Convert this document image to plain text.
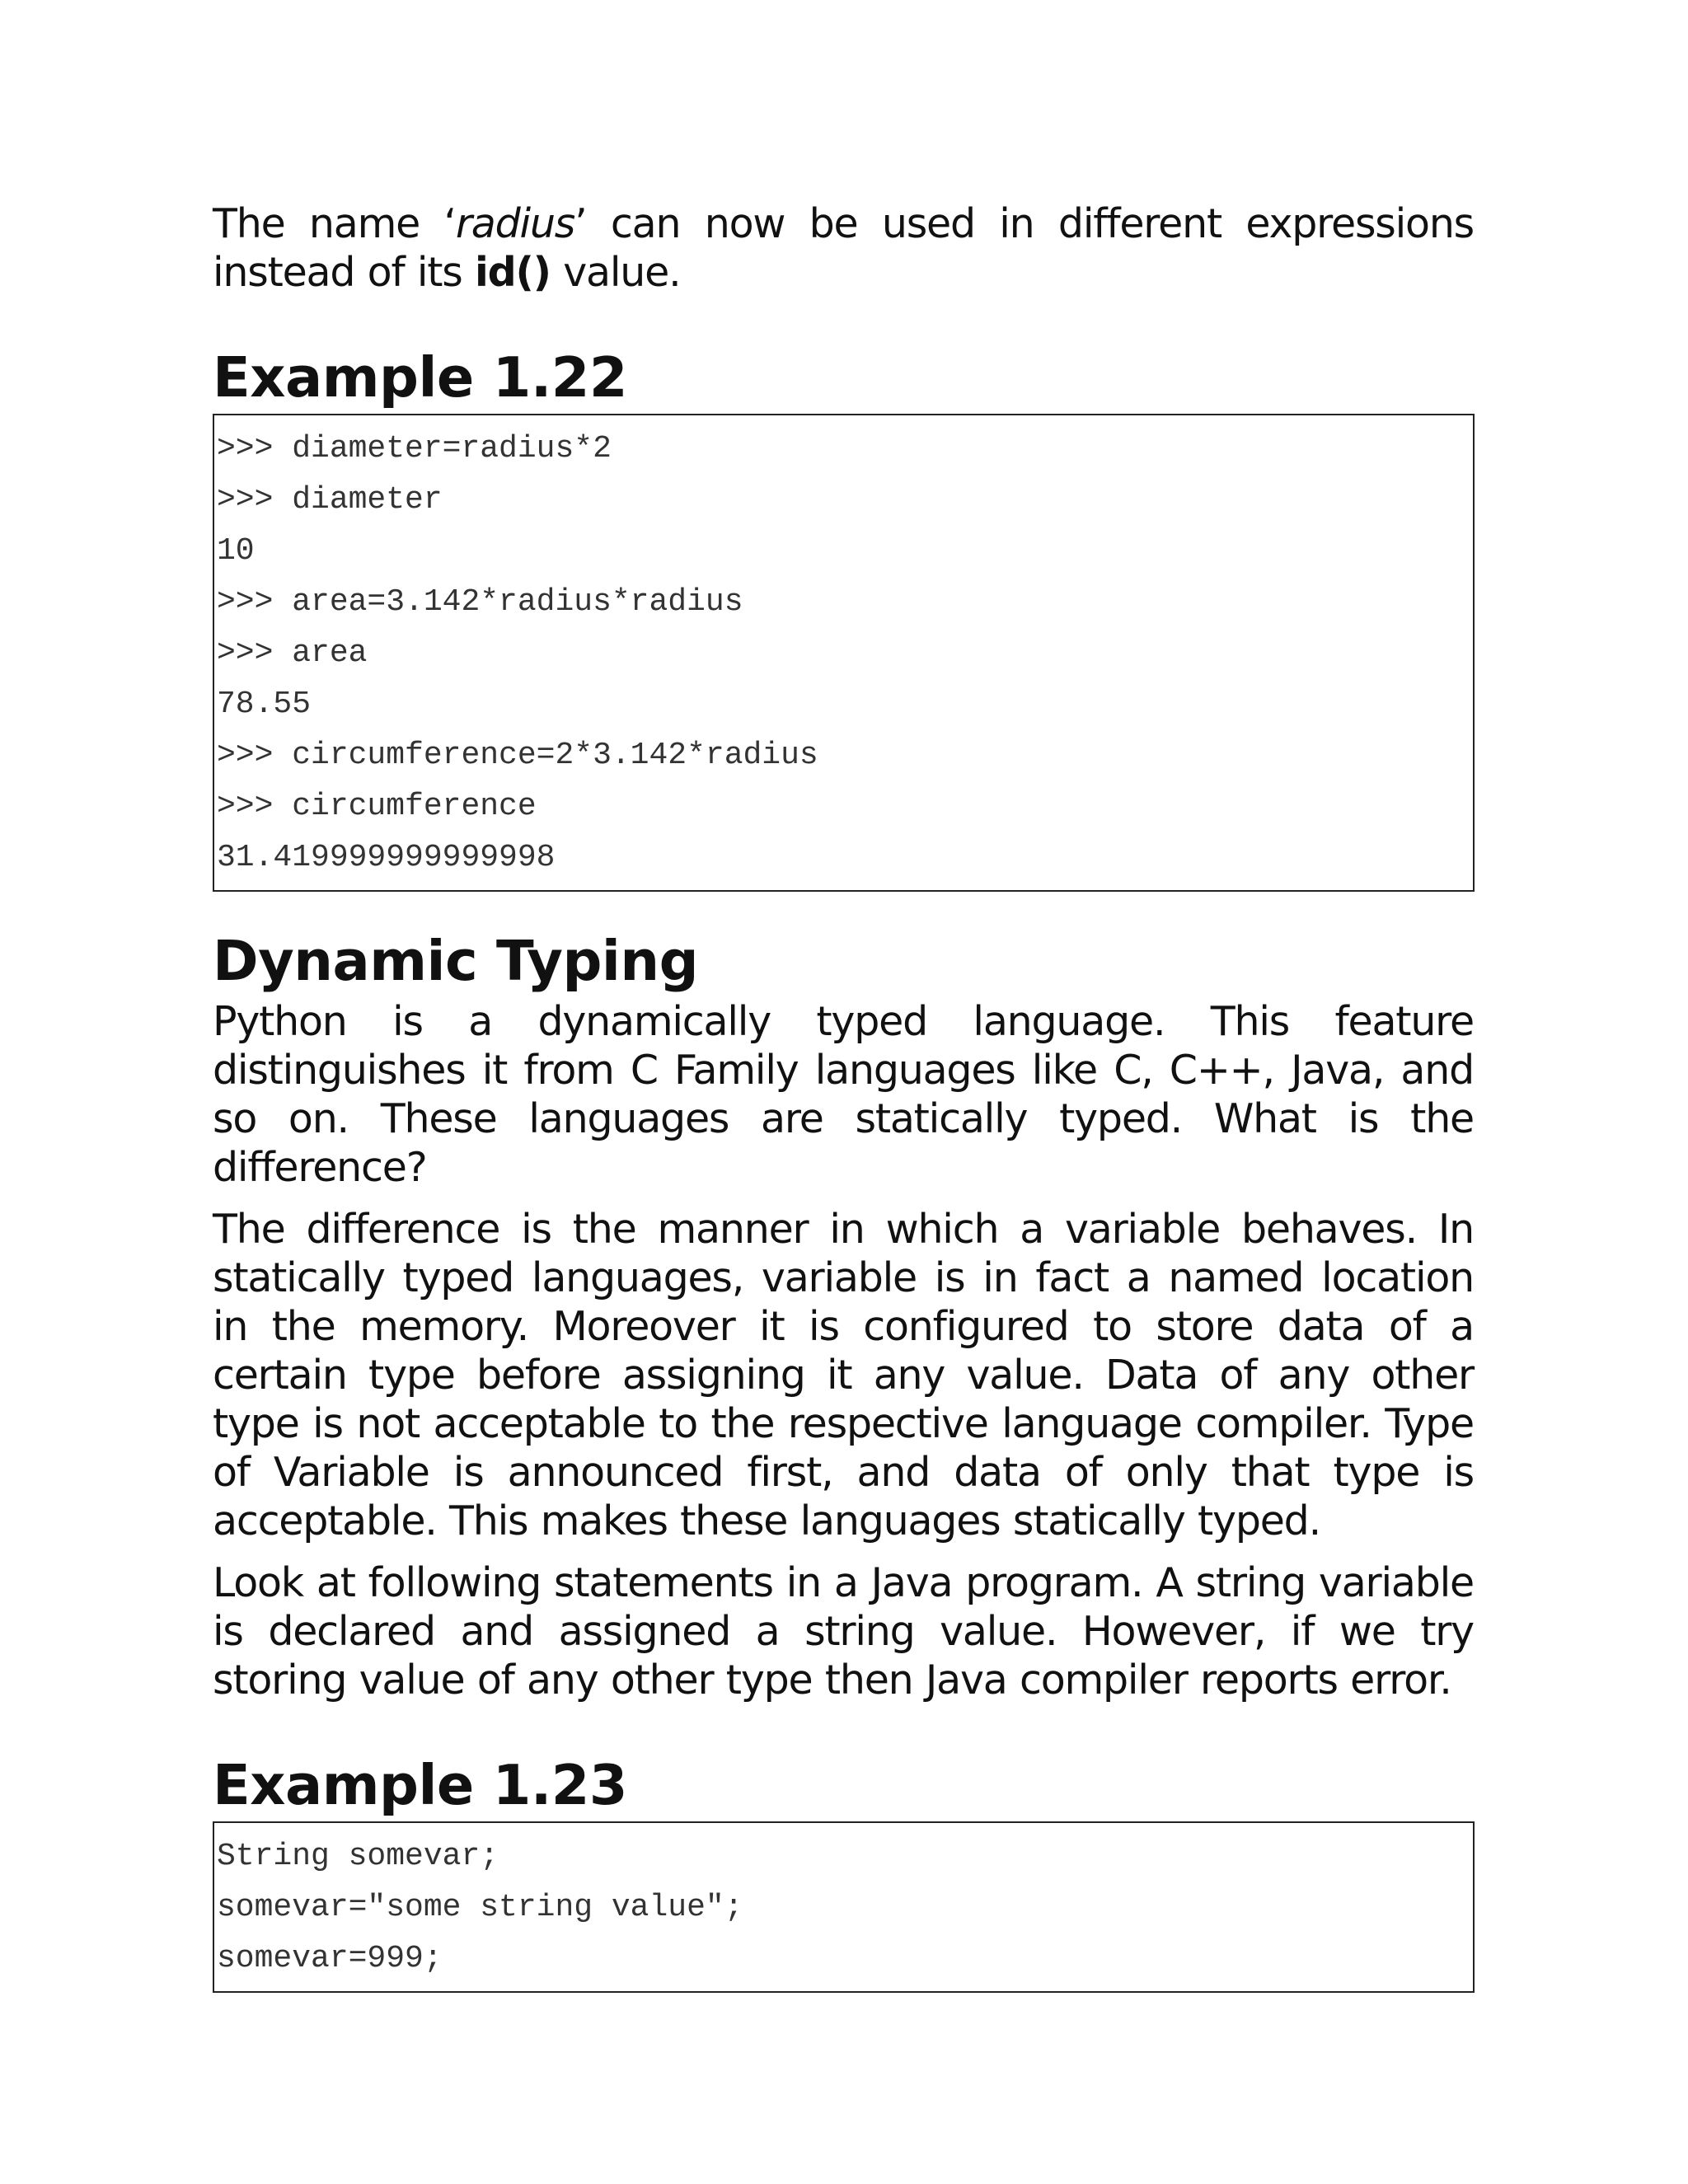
The name ‘radius’ can now be used in different expressions instead of its id() value.

Example 1.22
>>> diameter=radius*2
>>> diameter
10
>>> area=3.142*radius*radius
>>> area
78.55
>>> circumference=2*3.142*radius
>>> circumference
31.419999999999998
Dynamic Typing

Python is a dynamically typed language. This feature distinguishes it from C Family languages like C, C++, Java, and so on. These languages are statically typed. What is the difference?

The difference is the manner in which a variable behaves. In statically typed languages, variable is in fact a named location in the memory. Moreover it is configured to store data of a certain type before assigning it any value. Data of any other type is not acceptable to the respective language compiler. Type of Variable is announced first, and data of only that type is acceptable. This makes these languages statically typed.

Look at following statements in a Java program. A string variable is declared and assigned a string value. However, if we try storing value of any other type then Java compiler reports error.

Example 1.23
String somevar;
somevar="some string value";
somevar=999;
